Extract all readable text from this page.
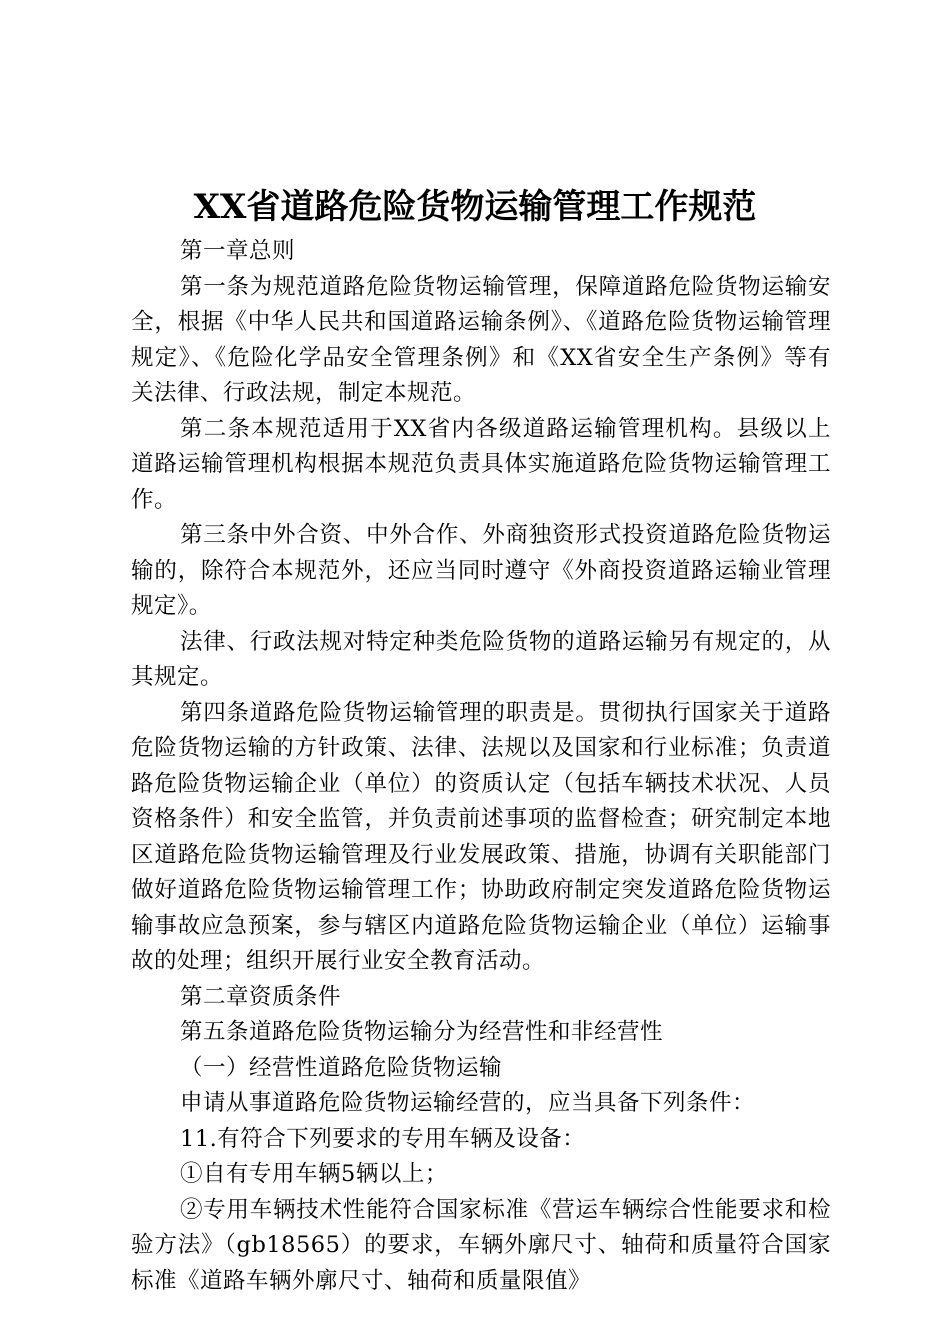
XX省道路危险货物运输管理工作规范

第一章总则

第一条为规范道路危险货物运输管理，保障道路危险货物运输安全，根据《中华人民共和国道路运输条例》、《道路危险货物运输管理规定》、《危险化学品安全管理条例》和《XX省安全生产条例》等有关法律、行政法规，制定本规范。

第二条本规范适用于XX省内各级道路运输管理机构。县级以上道路运输管理机构根据本规范负责具体实施道路危险货物运输管理工作。

第三条中外合资、中外合作、外商独资形式投资道路危险货物运输的，除符合本规范外，还应当同时遵守《外商投资道路运输业管理规定》。

法律、行政法规对特定种类危险货物的道路运输另有规定的，从其规定。

第四条道路危险货物运输管理的职责是。贯彻执行国家关于道路危险货物运输的方针政策、法律、法规以及国家和行业标准；负责道路危险货物运输企业（单位）的资质认定（包括车辆技术状况、人员资格条件）和安全监管，并负责前述事项的监督检查；研究制定本地区道路危险货物运输管理及行业发展政策、措施，协调有关职能部门做好道路危险货物运输管理工作；协助政府制定突发道路危险货物运输事故应急预案，参与辖区内道路危险货物运输企业（单位）运输事故的处理；组织开展行业安全教育活动。

第二章资质条件

第五条道路危险货物运输分为经营性和非经营性

（一）经营性道路危险货物运输

申请从事道路危险货物运输经营的，应当具备下列条件：

11.有符合下列要求的专用车辆及设备：

①自有专用车辆5辆以上；

②专用车辆技术性能符合国家标准《营运车辆综合性能要求和检验方法》（gb18565）的要求，车辆外廓尺寸、轴荷和质量符合国家标准《道路车辆外廓尺寸、轴荷和质量限值》
